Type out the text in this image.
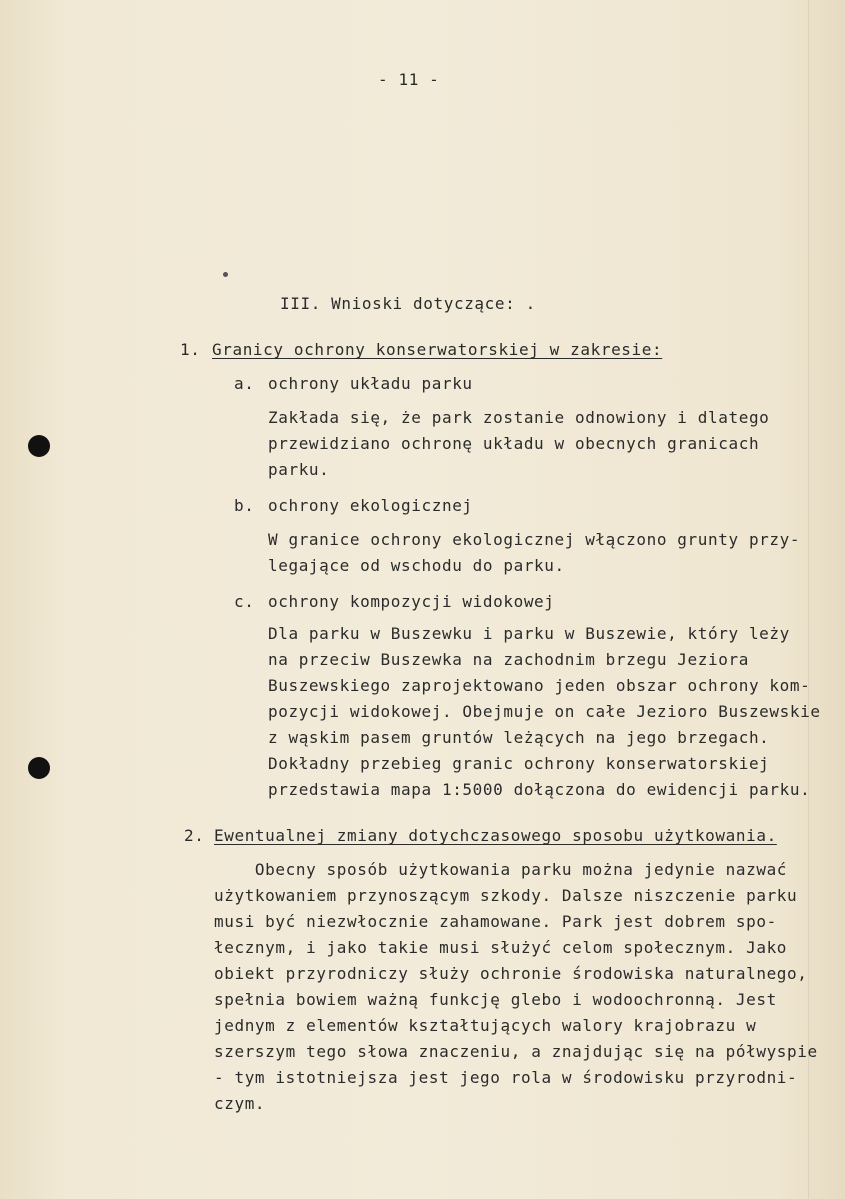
- 11 -
III. Wnioski dotyczące: .
1. Granicy ochrony konserwatorskiej w zakresie:
a. ochrony układu parku
Zakłada się, że park zostanie odnowiony i dlatego
przewidziano ochronę układu w obecnych granicach
parku.
b. ochrony ekologicznej
W granice ochrony ekologicznej włączono grunty przy-
legające od wschodu do parku.
c. ochrony kompozycji widokowej
Dla parku w Buszewku i parku w Buszewie, który leży
na przeciw Buszewka na zachodnim brzegu Jeziora
Buszewskiego zaprojektowano jeden obszar ochrony kom-
pozycji widokowej. Obejmuje on całe Jezioro Buszewskie
z wąskim pasem gruntów leżących na jego brzegach.
Dokładny przebieg granic ochrony konserwatorskiej
przedstawia mapa 1:5000 dołączona do ewidencji parku.
2. Ewentualnej zmiany dotychczasowego sposobu użytkowania.
Obecny sposób użytkowania parku można jedynie nazwać
użytkowaniem przynoszącym szkody. Dalsze niszczenie parku
musi być niezwłocznie zahamowane. Park jest dobrem spo-
łecznym, i jako takie musi służyć celom społecznym. Jako
obiekt przyrodniczy służy ochronie środowiska naturalnego,
spełnia bowiem ważną funkcję glebo i wodoochronną. Jest
jednym z elementów kształtujących walory krajobrazu w
szerszym tego słowa znaczeniu, a znajdując się na półwyspie
- tym istotniejsza jest jego rola w środowisku przyrodni-
czym.
